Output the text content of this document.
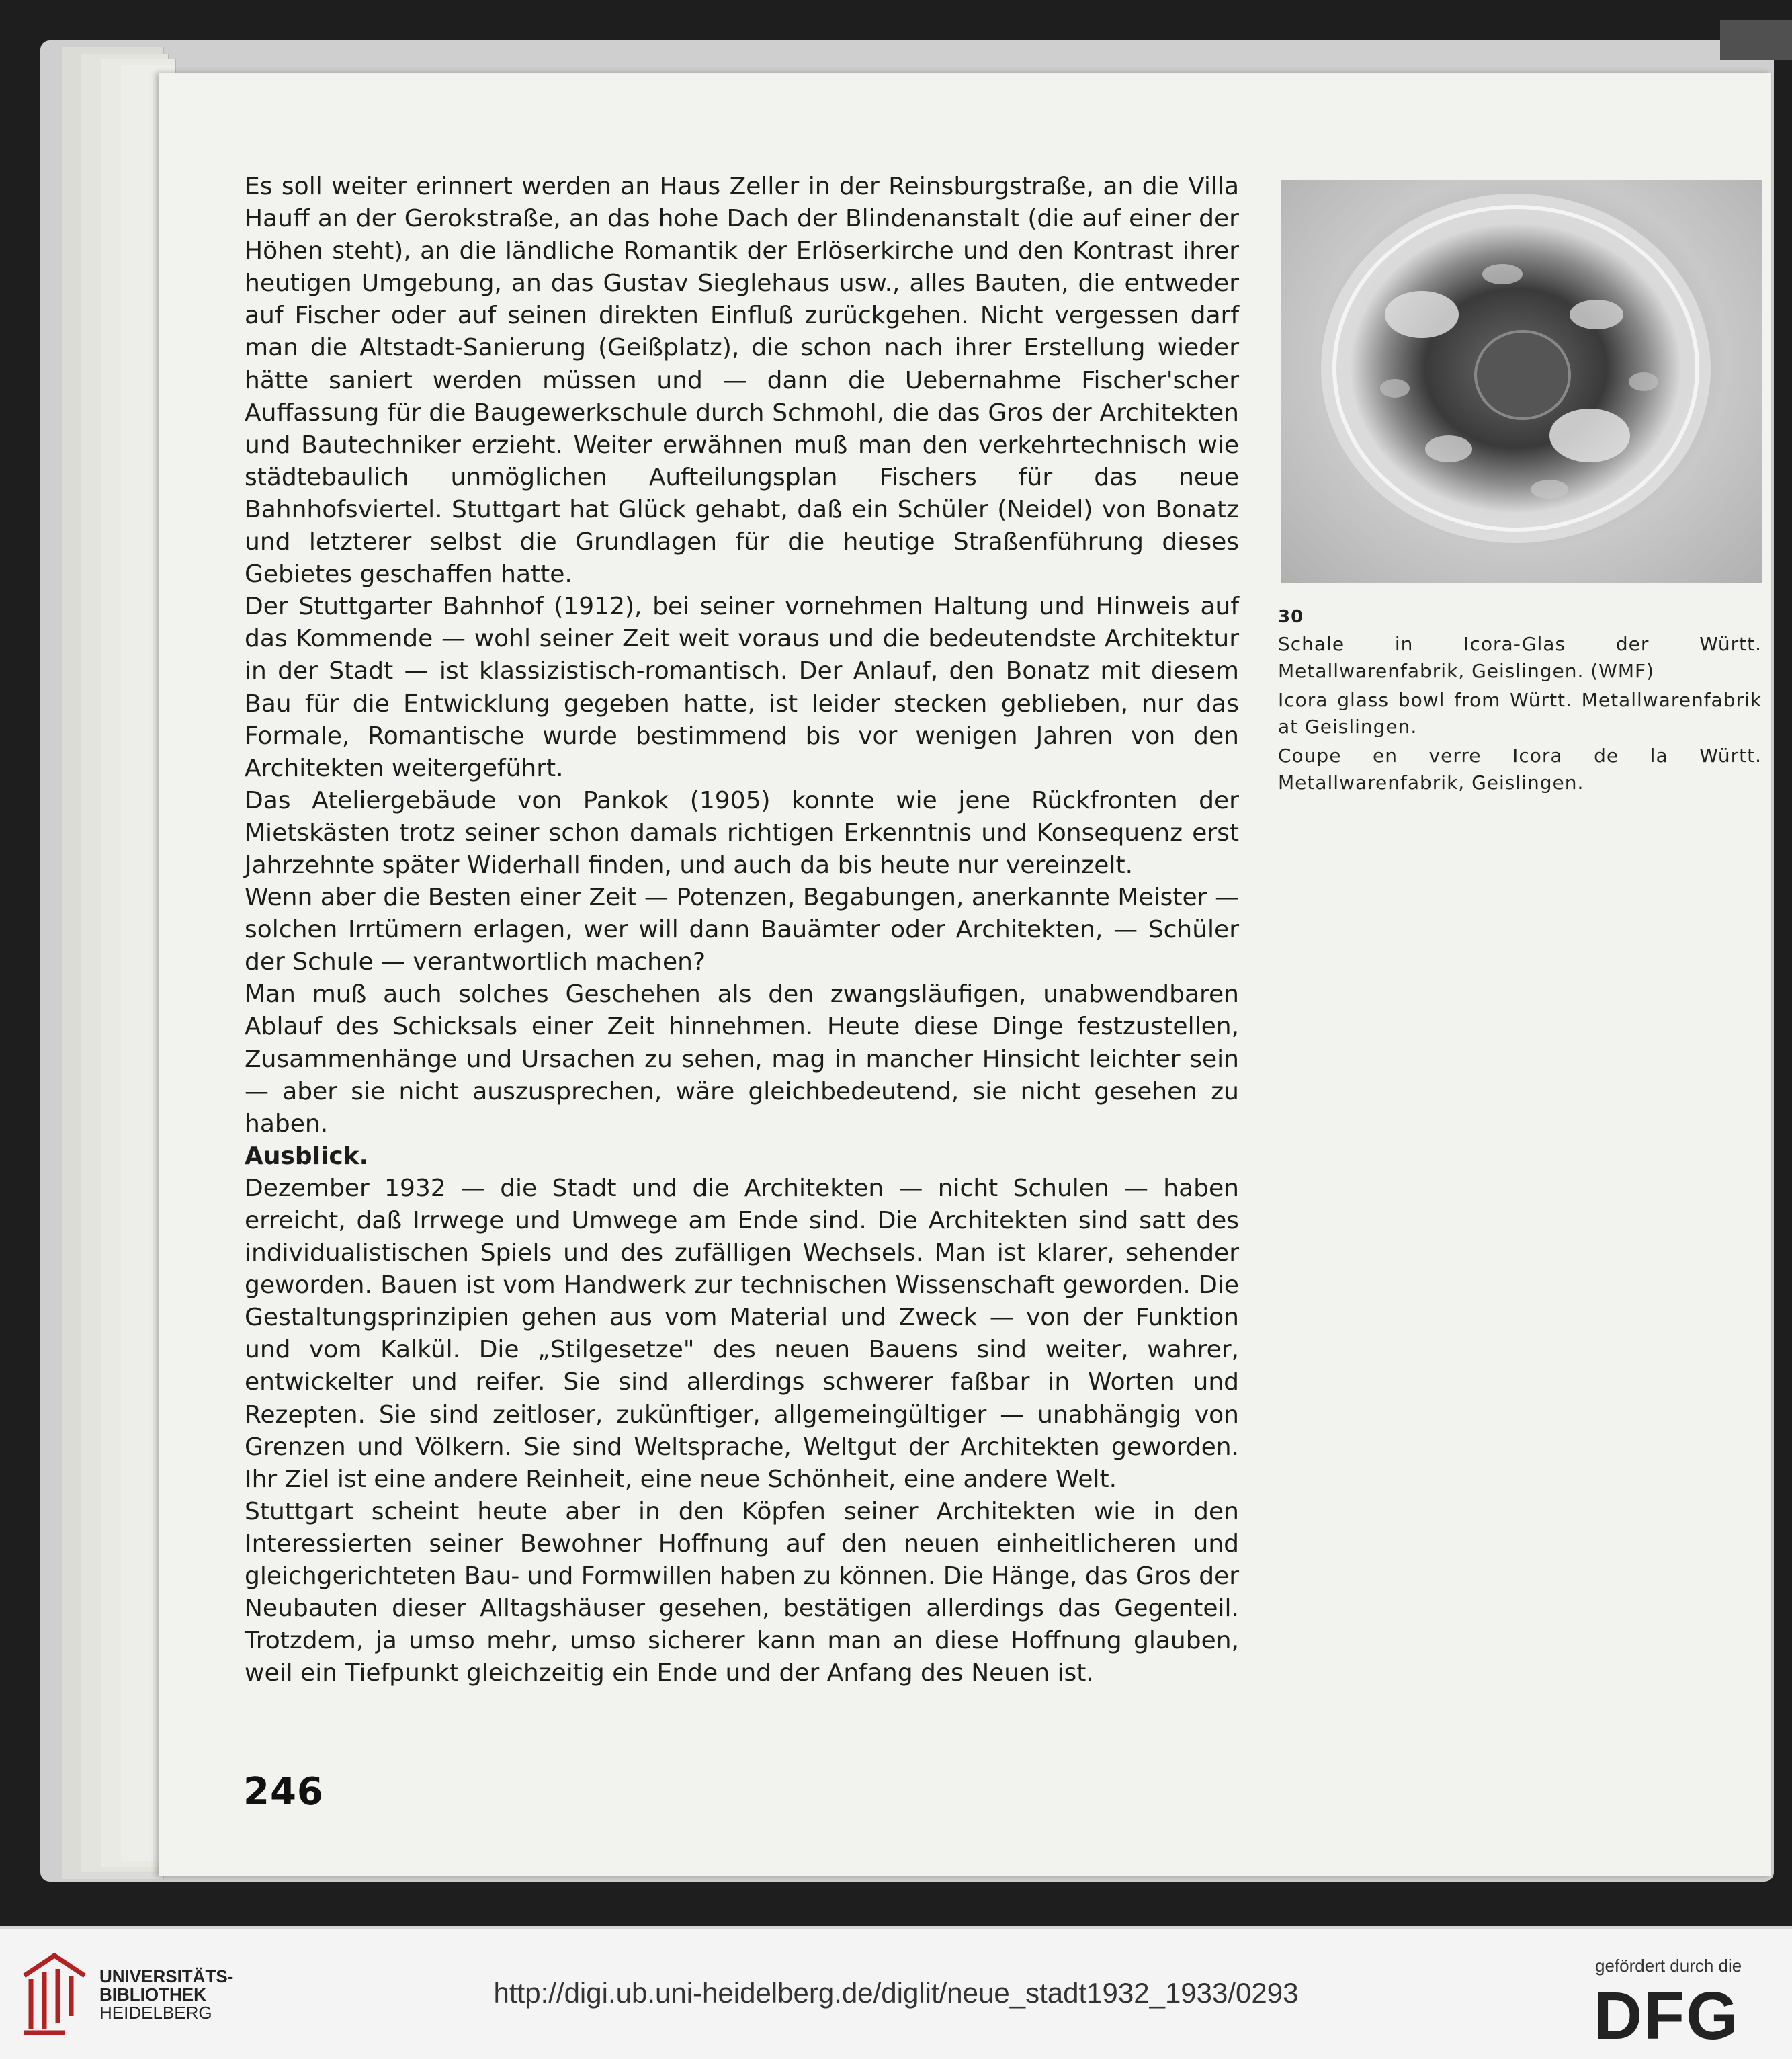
Es soll weiter erinnert werden an Haus Zeller in der Reinsburgstraße, an die Villa Hauff an der Gerokstraße, an das hohe Dach der Blindenanstalt (die auf einer der Höhen steht), an die ländliche Romantik der Erlöserkirche und den Kontrast ihrer heutigen Umgebung, an das Gustav Sieglehaus usw., alles Bauten, die entweder auf Fischer oder auf seinen direkten Einfluß zurückgehen. Nicht vergessen darf man die Altstadt-Sanierung (Geißplatz), die schon nach ihrer Erstellung wieder hätte saniert werden müssen und — dann die Uebernahme Fischer'scher Auffassung für die Baugewerkschule durch Schmohl, die das Gros der Architekten und Bautechniker erzieht. Weiter erwähnen muß man den verkehrtechnisch wie städtebaulich unmöglichen Aufteilungsplan Fischers für das neue Bahnhofsviertel. Stuttgart hat Glück gehabt, daß ein Schüler (Neidel) von Bonatz und letzterer selbst die Grundlagen für die heutige Straßenführung dieses Gebietes geschaffen hatte.

Der Stuttgarter Bahnhof (1912), bei seiner vornehmen Haltung und Hinweis auf das Kommende — wohl seiner Zeit weit voraus und die bedeutendste Architektur in der Stadt — ist klassizistisch-romantisch. Der Anlauf, den Bonatz mit diesem Bau für die Entwicklung gegeben hatte, ist leider stecken geblieben, nur das Formale, Romantische wurde bestimmend bis vor wenigen Jahren von den Architekten weitergeführt.

Das Ateliergebäude von Pankok (1905) konnte wie jene Rückfronten der Mietskästen trotz seiner schon damals richtigen Erkenntnis und Konsequenz erst Jahrzehnte später Widerhall finden, und auch da bis heute nur vereinzelt.

Wenn aber die Besten einer Zeit — Potenzen, Begabungen, anerkannte Meister — solchen Irrtümern erlagen, wer will dann Bauämter oder Architekten, — Schüler der Schule — verantwortlich machen?

Man muß auch solches Geschehen als den zwangsläufigen, unabwendbaren Ablauf des Schicksals einer Zeit hinnehmen. Heute diese Dinge festzustellen, Zusammenhänge und Ursachen zu sehen, mag in mancher Hinsicht leichter sein — aber sie nicht auszusprechen, wäre gleichbedeutend, sie nicht gesehen zu haben.

Ausblick.

Dezember 1932 — die Stadt und die Architekten — nicht Schulen — haben erreicht, daß Irrwege und Umwege am Ende sind. Die Architekten sind satt des individualistischen Spiels und des zufälligen Wechsels. Man ist klarer, sehender geworden. Bauen ist vom Handwerk zur technischen Wissenschaft geworden. Die Gestaltungsprinzipien gehen aus vom Material und Zweck — von der Funktion und vom Kalkül. Die „Stilgesetze" des neuen Bauens sind weiter, wahrer, entwickelter und reifer. Sie sind allerdings schwerer faßbar in Worten und Rezepten. Sie sind zeitloser, zukünftiger, allgemeingültiger — unabhängig von Grenzen und Völkern. Sie sind Weltsprache, Weltgut der Architekten geworden. Ihr Ziel ist eine andere Reinheit, eine neue Schönheit, eine andere Welt.

Stuttgart scheint heute aber in den Köpfen seiner Architekten wie in den Interessierten seiner Bewohner Hoffnung auf den neuen einheitlicheren und gleichgerichteten Bau- und Formwillen haben zu können. Die Hänge, das Gros der Neubauten dieser Alltagshäuser gesehen, bestätigen allerdings das Gegenteil. Trotzdem, ja umso mehr, umso sicherer kann man an diese Hoffnung glauben, weil ein Tiefpunkt gleichzeitig ein Ende und der Anfang des Neuen ist.

246
30

Schale in Icora-Glas der Württ. Metallwarenfabrik, Geislingen. (WMF)

Icora glass bowl from Württ. Metallwarenfabrik at Geislingen.

Coupe en verre Icora de la Württ. Metallwarenfabrik, Geislingen.

UNIVERSITÄTS-
BIBLIOTHEK
HEIDELBERG
http://digi.ub.uni-heidelberg.de/diglit/neue_stadt1932_1933/0293
gefördert durch die
DFG
